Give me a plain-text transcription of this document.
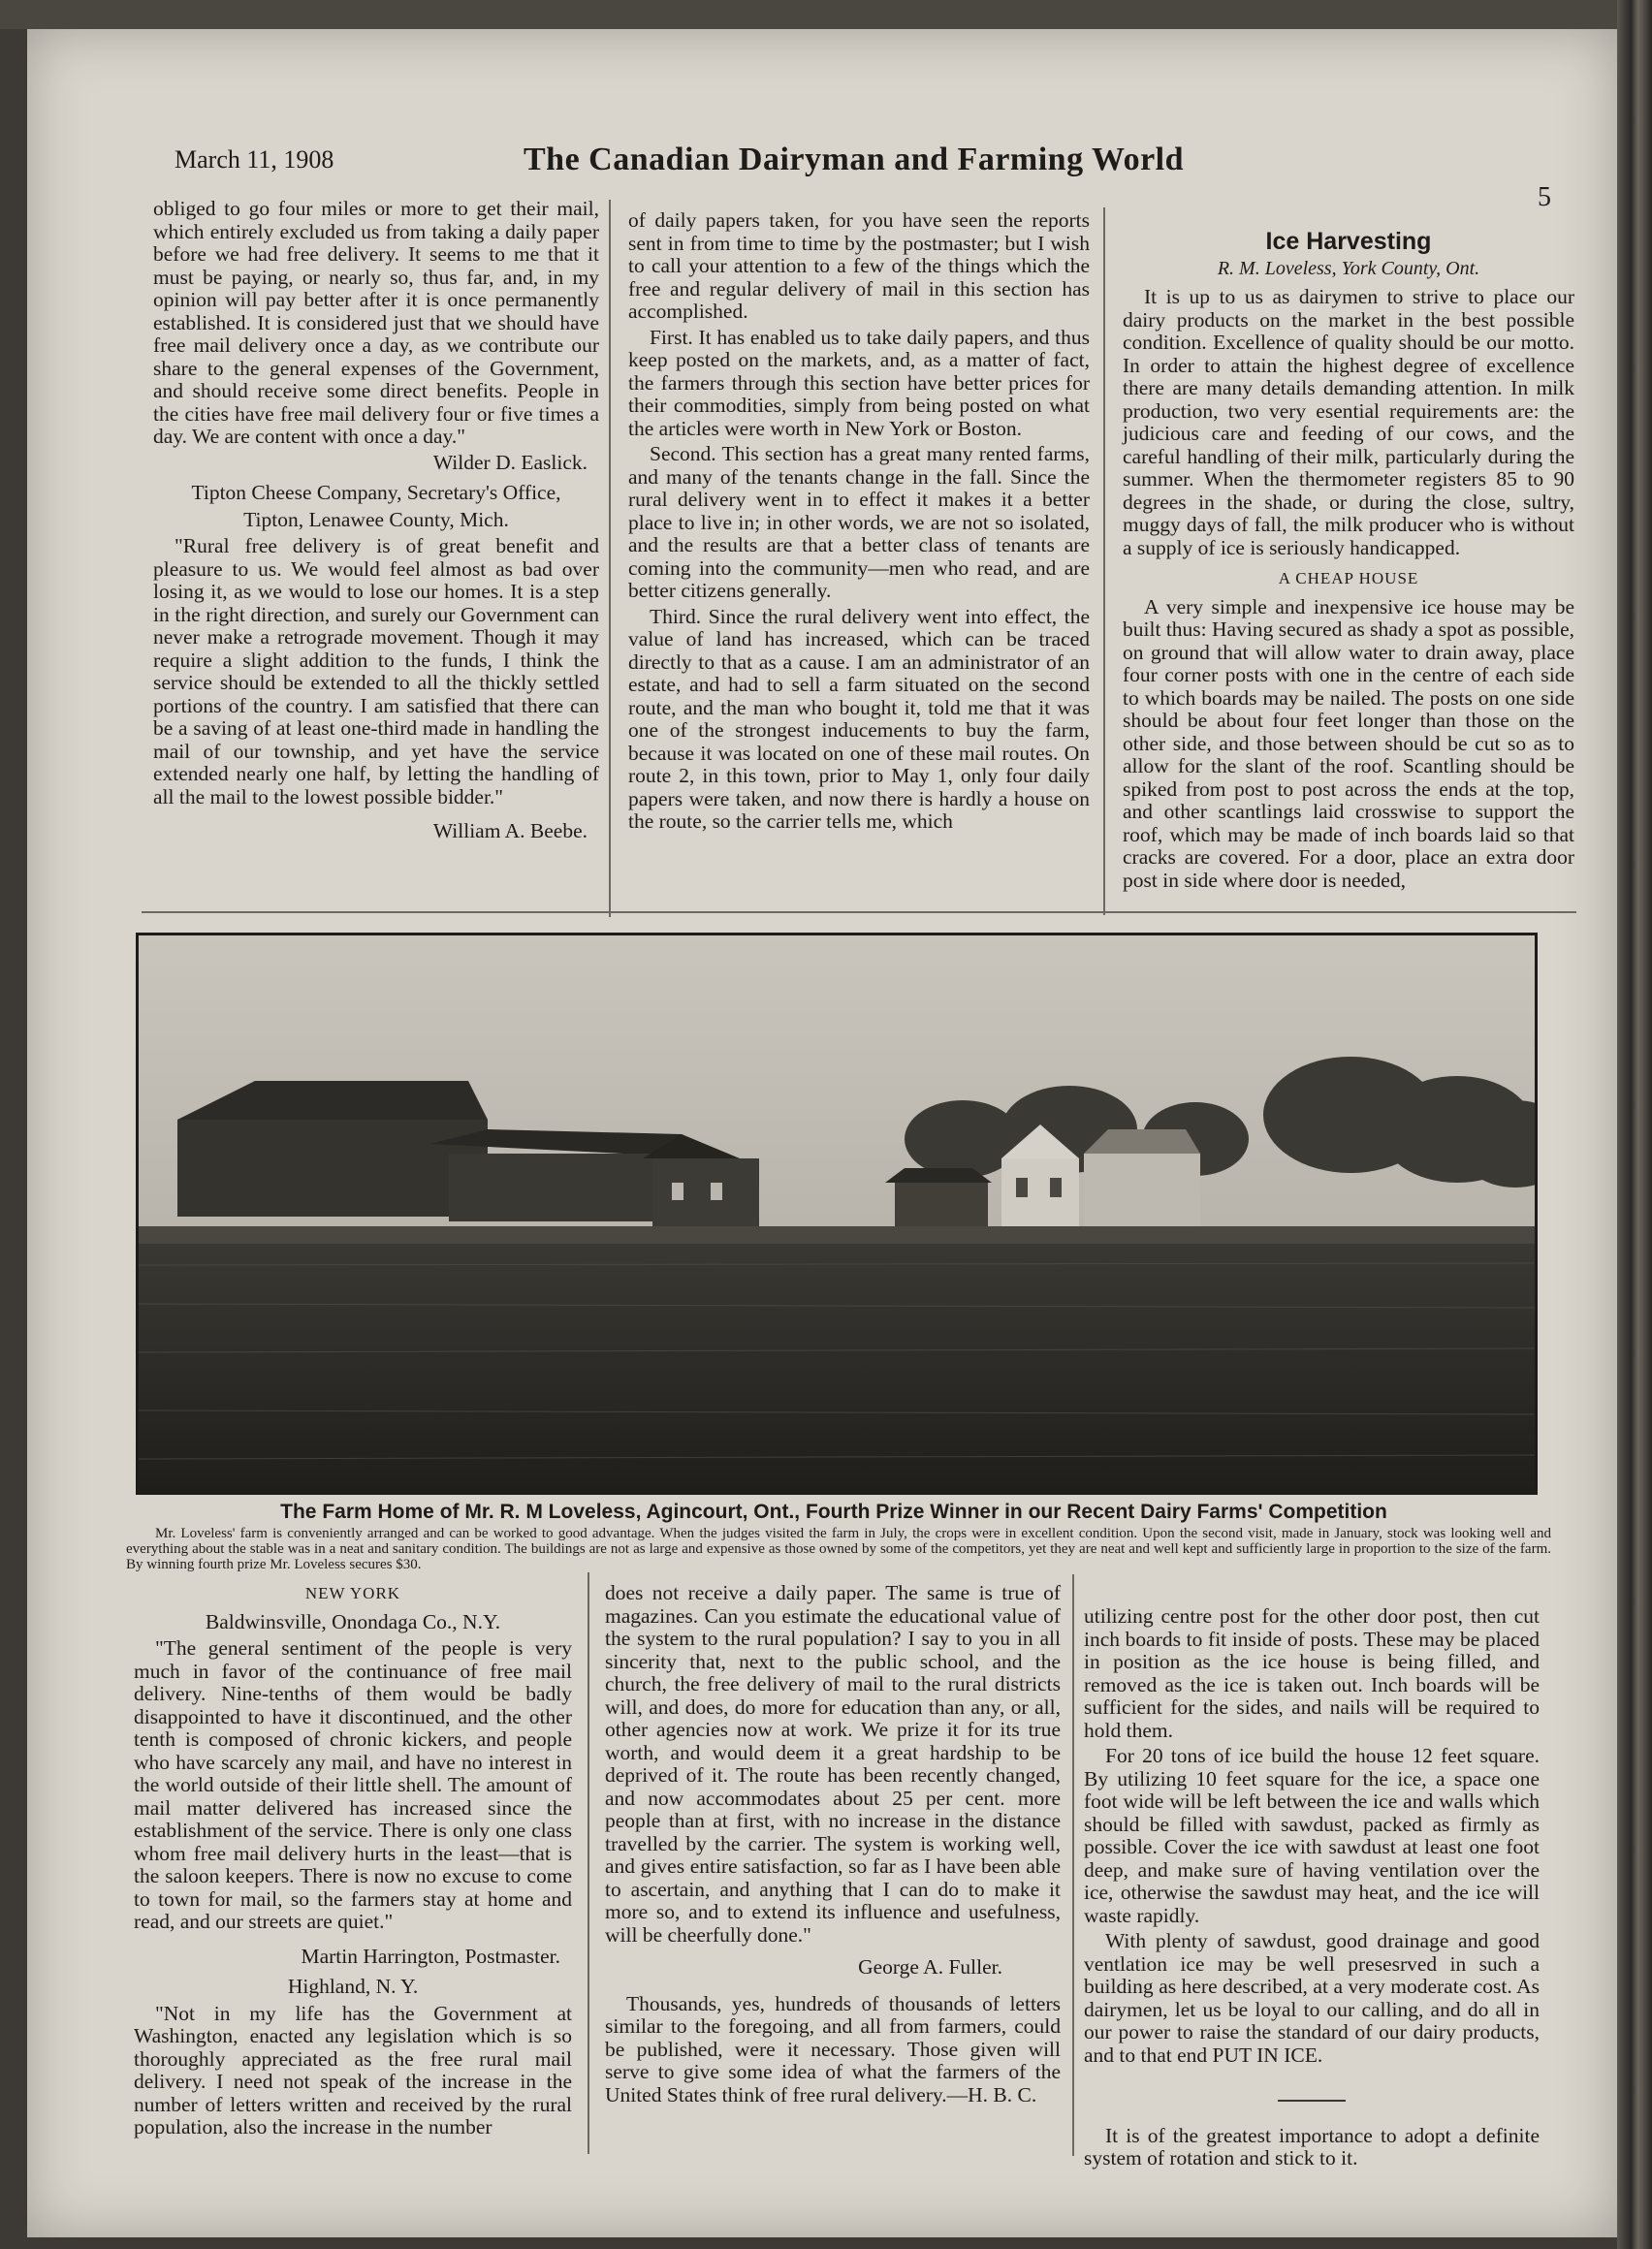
March 11, 1908	The Canadian Dairyman and Farming World
5

obliged to go four miles or more to get their mail, which entirely excluded us from taking a daily paper before we had free delivery. It seems to me that it must be paying, or nearly so, thus far, and, in my opinion will pay better after it is once permanently established. It is considered just that we should have free mail delivery once a day, as we contribute our share to the general expenses of the Government, and should receive some direct benefits. People in the cities have free mail delivery four or five times a day. We are content with once a day."

Wilder D. Easlick.
Tipton Cheese Company, Secretary's Office,
Tipton, Lenawee County, Mich.

"Rural free delivery is of great benefit and pleasure to us. We would feel almost as bad over losing it, as we would to lose our homes. It is a step in the right direction, and surely our Government can never make a retrograde movement. Though it may require a slight addition to the funds, I think the service should be extended to all the thickly settled portions of the country. I am satisfied that there can be a saving of at least one-third made in handling the mail of our township, and yet have the service extended nearly one half, by letting the handling of all the mail to the lowest possible bidder."

William A. Beebe.

of daily papers taken, for you have seen the reports sent in from time to time by the postmaster; but I wish to call your attention to a few of the things which the free and regular delivery of mail in this section has accomplished.

First. It has enabled us to take daily papers, and thus keep posted on the markets, and, as a matter of fact, the farmers through this section have better prices for their commodities, simply from being posted on what the articles were worth in New York or Boston.

Second. This section has a great many rented farms, and many of the tenants change in the fall. Since the rural delivery went in to effect it makes it a better place to live in; in other words, we are not so isolated, and the results are that a better class of tenants are coming into the community—men who read, and are better citizens generally.

Third. Since the rural delivery went into effect, the value of land has increased, which can be traced directly to that as a cause. I am an administrator of an estate, and had to sell a farm situated on the second route, and the man who bought it, told me that it was one of the strongest inducements to buy the farm, because it was located on one of these mail routes. On route 2, in this town, prior to May 1, only four daily papers were taken, and now there is hardly a house on the route, so the carrier tells me, which

Ice Harvesting
R. M. Loveless, York County, Ont.

It is up to us as dairymen to strive to place our dairy products on the market in the best possible condition. Excellence of quality should be our motto. In order to attain the highest degree of excellence there are many details demanding attention. In milk production, two very esential requirements are: the judicious care and feeding of our cows, and the careful handling of their milk, particularly during the summer. When the thermometer registers 85 to 90 degrees in the shade, or during the close, sultry, muggy days of fall, the milk producer who is without a supply of ice is seriously handicapped.

A CHEAP HOUSE

A very simple and inexpensive ice house may be built thus: Having secured as shady a spot as possible, on ground that will allow water to drain away, place four corner posts with one in the centre of each side to which boards may be nailed. The posts on one side should be about four feet longer than those on the other side, and those between should be cut so as to allow for the slant of the roof. Scantling should be spiked from post to post across the ends at the top, and other scantlings laid crosswise to support the roof, which may be made of inch boards laid so that cracks are covered. For a door, place an extra door post in side where door is needed,

The Farm Home of Mr. R. M Loveless, Agincourt, Ont., Fourth Prize Winner in our Recent Dairy Farms' Competition
Mr. Loveless' farm is conveniently arranged and can be worked to good advantage. When the judges visited the farm in July, the crops were in excellent condition. Upon the second visit, made in January, stock was looking well and everything about the stable was in a neat and sanitary condition. The buildings are not as large and expensive as those owned by some of the competitors, yet they are neat and well kept and sufficiently large in proportion to the size of the farm. By winning fourth prize Mr. Loveless secures $30.
NEW YORK
Baldwinsville, Onondaga Co., N.Y.

"The general sentiment of the people is very much in favor of the continuance of free mail delivery. Nine-tenths of them would be badly disappointed to have it discontinued, and the other tenth is composed of chronic kickers, and people who have scarcely any mail, and have no interest in the world outside of their little shell. The amount of mail matter delivered has increased since the establishment of the service. There is only one class whom free mail delivery hurts in the least—that is the saloon keepers. There is now no excuse to come to town for mail, so the farmers stay at home and read, and our streets are quiet."

Martin Harrington, Postmaster.
Highland, N. Y.

"Not in my life has the Government at Washington, enacted any legislation which is so thoroughly appreciated as the free rural mail delivery. I need not speak of the increase in the number of letters written and received by the rural population, also the increase in the number

does not receive a daily paper. The same is true of magazines. Can you estimate the educational value of the system to the rural population? I say to you in all sincerity that, next to the public school, and the church, the free delivery of mail to the rural districts will, and does, do more for education than any, or all, other agencies now at work. We prize it for its true worth, and would deem it a great hardship to be deprived of it. The route has been recently changed, and now accommodates about 25 per cent. more people than at first, with no increase in the distance travelled by the carrier. The system is working well, and gives entire satisfaction, so far as I have been able to ascertain, and anything that I can do to make it more so, and to extend its influence and usefulness, will be cheerfully done."

George A. Fuller.

Thousands, yes, hundreds of thousands of letters similar to the foregoing, and all from farmers, could be published, were it necessary. Those given will serve to give some idea of what the farmers of the United States think of free rural delivery.—H. B. C.

utilizing centre post for the other door post, then cut inch boards to fit inside of posts. These may be placed in position as the ice house is being filled, and removed as the ice is taken out. Inch boards will be sufficient for the sides, and nails will be required to hold them.

For 20 tons of ice build the house 12 feet square. By utilizing 10 feet square for the ice, a space one foot wide will be left between the ice and walls which should be filled with sawdust, packed as firmly as possible. Cover the ice with sawdust at least one foot deep, and make sure of having ventilation over the ice, otherwise the sawdust may heat, and the ice will waste rapidly.

With plenty of sawdust, good drainage and good ventlation ice may be well presesrved in such a building as here described, at a very moderate cost. As dairymen, let us be loyal to our calling, and do all in our power to raise the standard of our dairy products, and to that end PUT IN ICE.

It is of the greatest importance to adopt a definite system of rotation and stick to it.
